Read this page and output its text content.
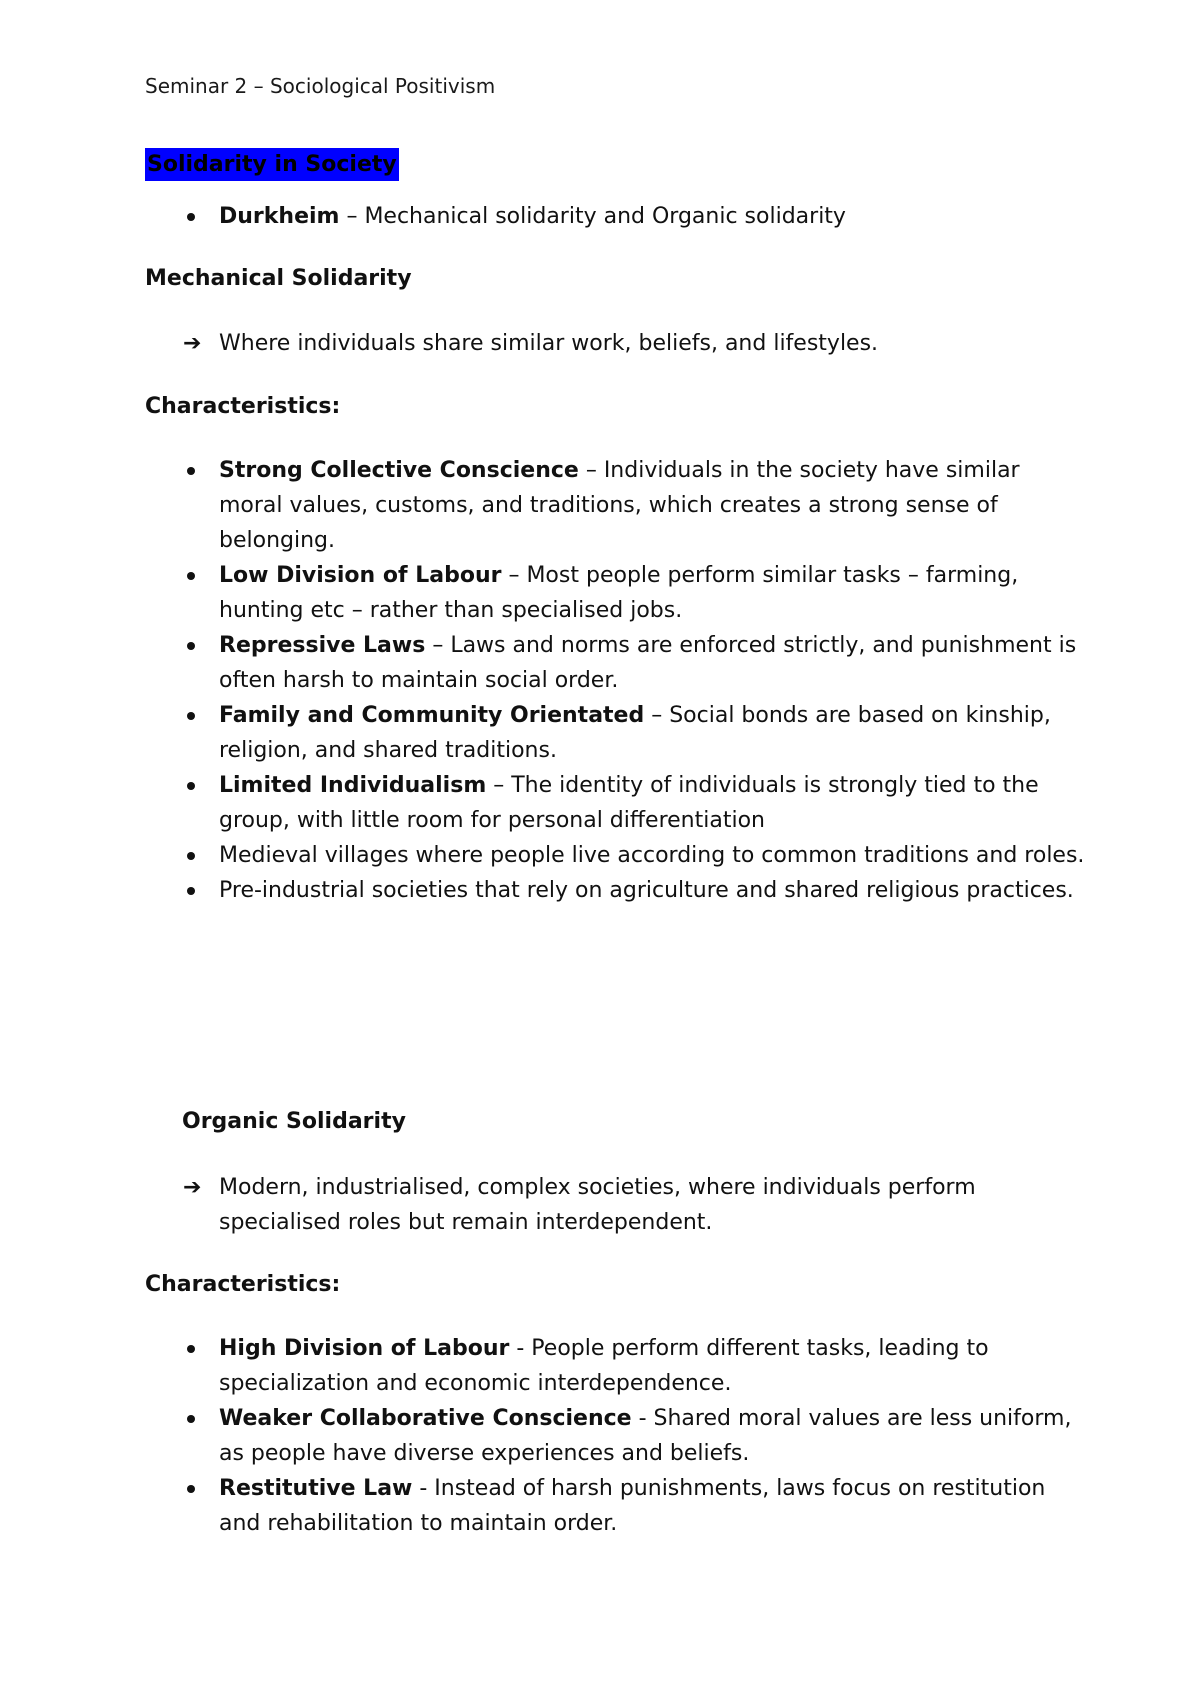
Seminar 2 – Sociological Positivism
Solidarity in Society
Durkheim – Mechanical solidarity and Organic solidarity
Mechanical Solidarity
➔ Where individuals share similar work, beliefs, and lifestyles.
Characteristics:
Strong Collective Conscience – Individuals in the society have similar moral values, customs, and traditions, which creates a strong sense of belonging.
Low Division of Labour – Most people perform similar tasks – farming, hunting etc – rather than specialised jobs.
Repressive Laws – Laws and norms are enforced strictly, and punishment is often harsh to maintain social order.
Family and Community Orientated – Social bonds are based on kinship, religion, and shared traditions.
Limited Individualism – The identity of individuals is strongly tied to the group, with little room for personal differentiation
Medieval villages where people live according to common traditions and roles.
Pre-industrial societies that rely on agriculture and shared religious practices.
Organic Solidarity
➔ Modern, industrialised, complex societies, where individuals perform specialised roles but remain interdependent.
Characteristics:
High Division of Labour - People perform different tasks, leading to specialization and economic interdependence.
Weaker Collaborative Conscience - Shared moral values are less uniform, as people have diverse experiences and beliefs.
Restitutive Law - Instead of harsh punishments, laws focus on restitution and rehabilitation to maintain order.
